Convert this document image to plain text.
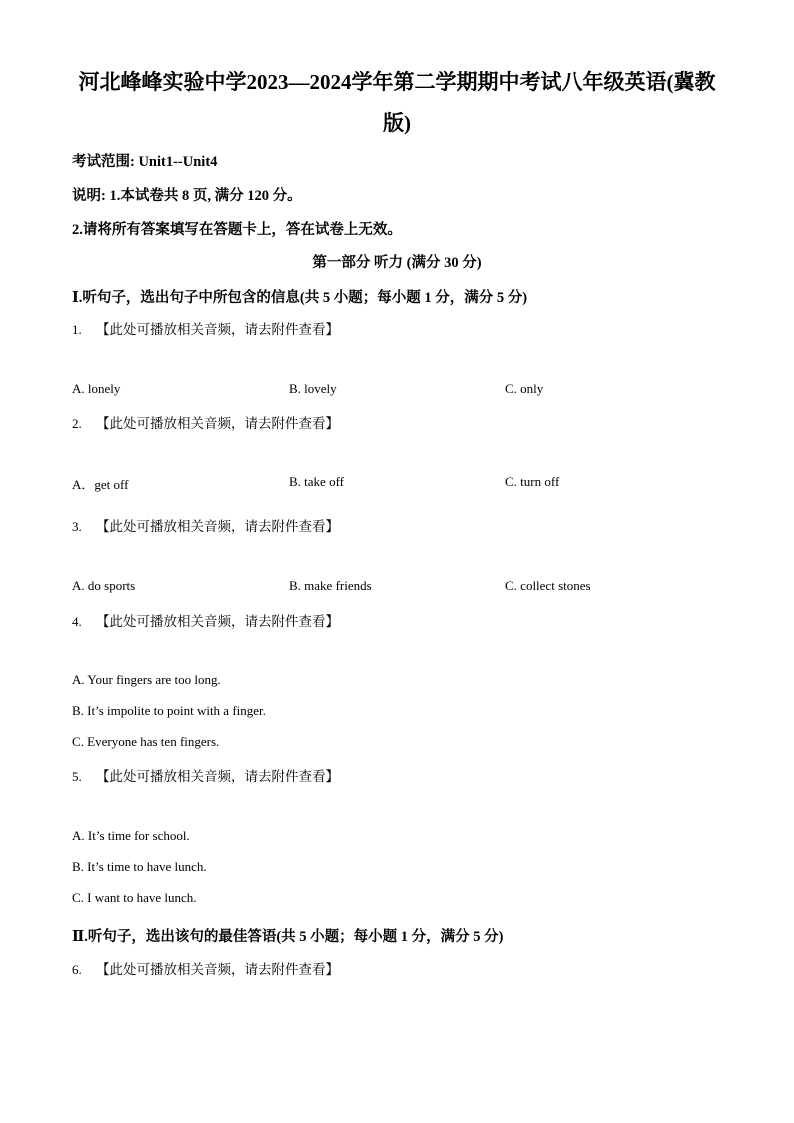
河北峰峰实验中学2023—2024学年第二学期期中考试八年级英语(冀教版)
考试范围: Unit1--Unit4
说明: 1.本试卷共 8 页, 满分 120 分。
2.请将所有答案填写在答题卡上，答在试卷上无效。
第一部分 听力 (满分 30 分)
Ⅰ.听句子，选出句子中所包含的信息(共 5 小题；每小题 1 分，满分 5 分)
1. 【此处可播放相关音频，请去附件查看】
A. lonely	B. lovely	C. only
2. 【此处可播放相关音频，请去附件查看】
A．get off	B. take off	C. turn off
3. 【此处可播放相关音频，请去附件查看】
A. do sports	B. make friends	C. collect stones
4. 【此处可播放相关音频，请去附件查看】
A. Your fingers are too long.
B. It’s impolite to point with a finger.
C. Everyone has ten fingers.
5. 【此处可播放相关音频，请去附件查看】
A. It’s time for school.
B. It’s time to have lunch.
C. I want to have lunch.
Ⅱ.听句子，选出该句的最佳答语(共 5 小题；每小题 1 分，满分 5 分)
6. 【此处可播放相关音频，请去附件查看】
